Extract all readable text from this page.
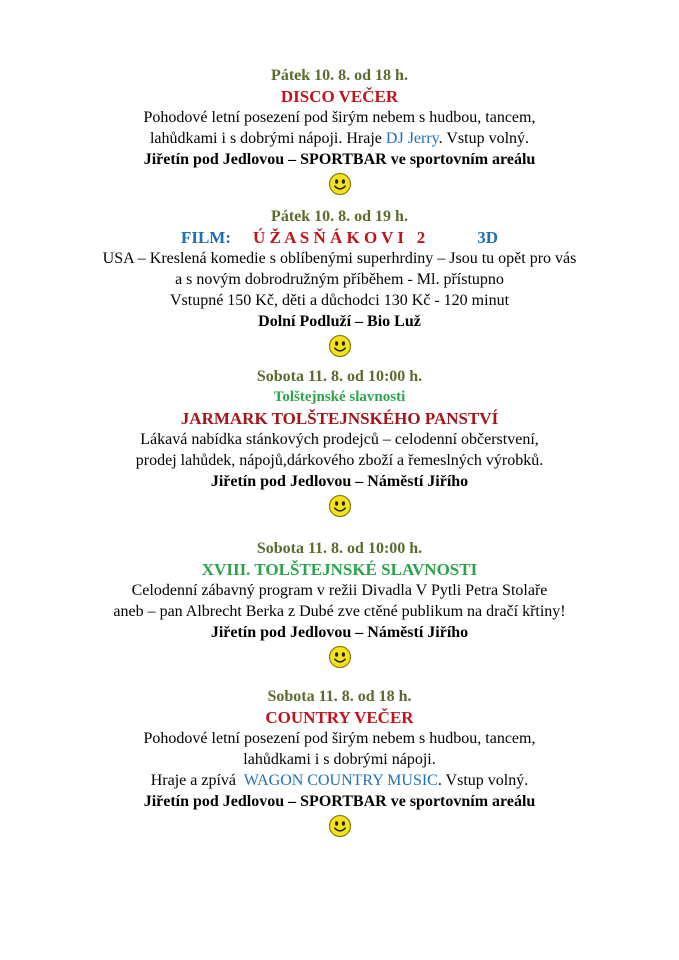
Pátek 10. 8. od 18 h.
DISCO VEČER
Pohodové letní posezení pod širým nebem s hudbou, tancem,
lahůdkami i s dobrými nápoji. Hraje DJ Jerry. Vstup volný.
Jiřetín pod Jedlovou – SPORTBAR ve sportovním areálu
Pátek 10. 8. od 19 h.
FILM: Ú Ž A S Ň Á K O V I   2	3D
USA – Kreslená komedie s oblíbenými superhrdiny – Jsou tu opět pro vás
a s novým dobrodružným příběhem - Ml. přístupno
Vstupné 150 Kč, děti a důchodci 130 Kč - 120 minut
Dolní Podluží – Bio Luž
Sobota 11. 8. od 10:00 h.
Tolštejnské slavnosti
JARMARK TOLŠTEJNSKÉHO PANSTVÍ
Lákavá nabídka stánkových prodejců – celodenní občerstvení,
prodej lahůdek, nápojů,dárkového zboží a řemeslných výrobků.
Jiřetín pod Jedlovou – Náměstí Jiřího
Sobota 11. 8. od 10:00 h.
XVIII. TOLŠTEJNSKÉ SLAVNOSTI
Celodenní zábavný program v režii Divadla V Pytli Petra Stolaře
aneb – pan Albrecht Berka z Dubé zve ctěné publikum na dračí křtiny!
Jiřetín pod Jedlovou – Náměstí Jiřího
Sobota 11. 8. od 18 h.
COUNTRY VEČER
Pohodové letní posezení pod širým nebem s hudbou, tancem,
lahůdkami i s dobrými nápoji.
Hraje a zpívá  WAGON COUNTRY MUSIC. Vstup volný.
Jiřetín pod Jedlovou – SPORTBAR ve sportovním areálu
